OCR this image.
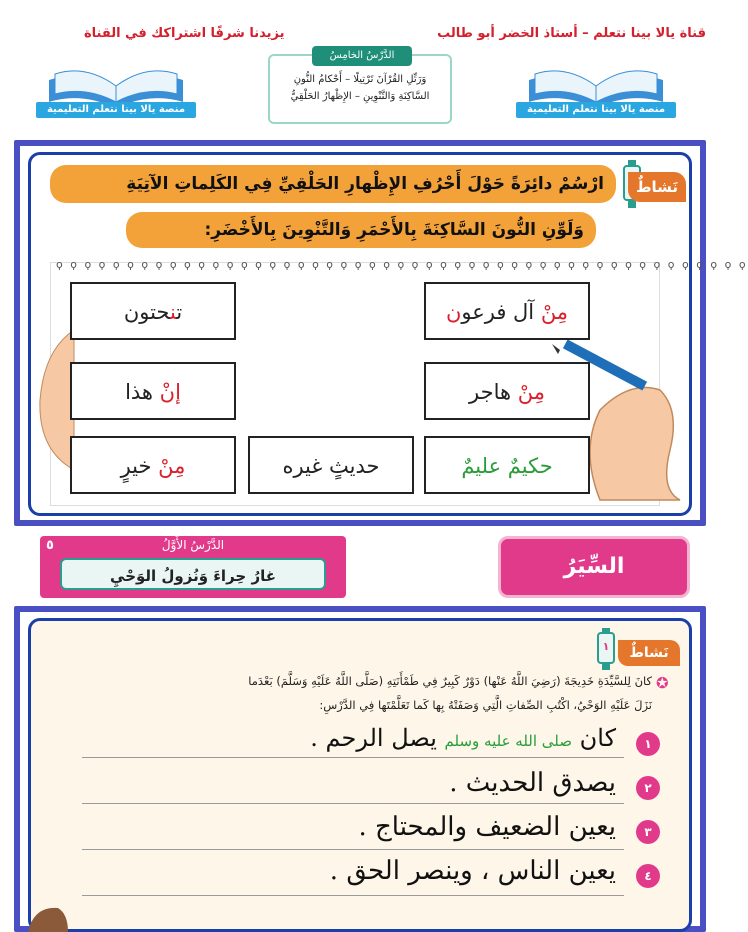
قناة يالا بينا نتعلم – أستاذ الخضر أبو طالب
يزيدنا شرفًا اشتراكك في القناة
منصة يالا بينا نتعلم التعليمية	منصة يالا بينا نتعلم التعليمية
الدَّرْسُ الخامِسُ
وَرَتِّلِ القُرْآنَ تَرْتِيلًا – أَحْكامُ النُّونِ
السَّاكِنَةِ وَالتَّنْوِينِ – الإِظْهارُ الحَلْقِيُّ
ارْسُمْ دائِرَةً حَوْلَ أَحْرُفِ الإِظْهارِ الحَلْقِيِّ فِي الكَلِماتِ الآتِيَةِ
وَلَوِّنِ النُّونَ السَّاكِنَةَ بِالأَحْمَرِ وَالتَّنْوِينَ بِالأَخْضَرِ:
نَشاطٌ
ϙ ϙ ϙ ϙ ϙ ϙ ϙ ϙ ϙ ϙ ϙ ϙ ϙ ϙ ϙ ϙ ϙ ϙ ϙ ϙ ϙ ϙ ϙ ϙ ϙ ϙ ϙ ϙ ϙ ϙ ϙ ϙ ϙ ϙ ϙ ϙ ϙ ϙ ϙ ϙ ϙ ϙ ϙ ϙ ϙ ϙ ϙ ϙ ϙ
مِنْ آل فرعون
تنحتون
مِنْ هاجر
إنْ هذا
حكيمٌ عليمٌ
حديثٍ غيره
مِنْ خيرٍ
٥	الدَّرْسُ الأَوَّلُ
غارُ حِراءَ وَنُزولُ الوَحْيِ	السِّيَرُ
١	نَشاطٌ
✪
كانَ لِلسَّيِّدَةِ خَدِيجَةَ (رَضِيَ اللَّهُ عَنْها) دَوْرٌ كَبِيرٌ فِي طَمْأَنَتِهِ (صَلَّى اللَّهُ عَلَيْهِ وَسَلَّمَ) بَعْدَما
نَزَلَ عَلَيْهِ الوَحْيُ، اكْتُبِ الصِّفاتِ الَّتِي وَصَفَتْهُ بِها كَما تَعَلَّمْتَها فِي الدَّرْسِ:
١
٢
٣
٤
كان صلى الله عليه وسلم يصل الرحم .
يصدق الحديث .
يعين الضعيف والمحتاج .
يعين الناس ، وينصر الحق .
